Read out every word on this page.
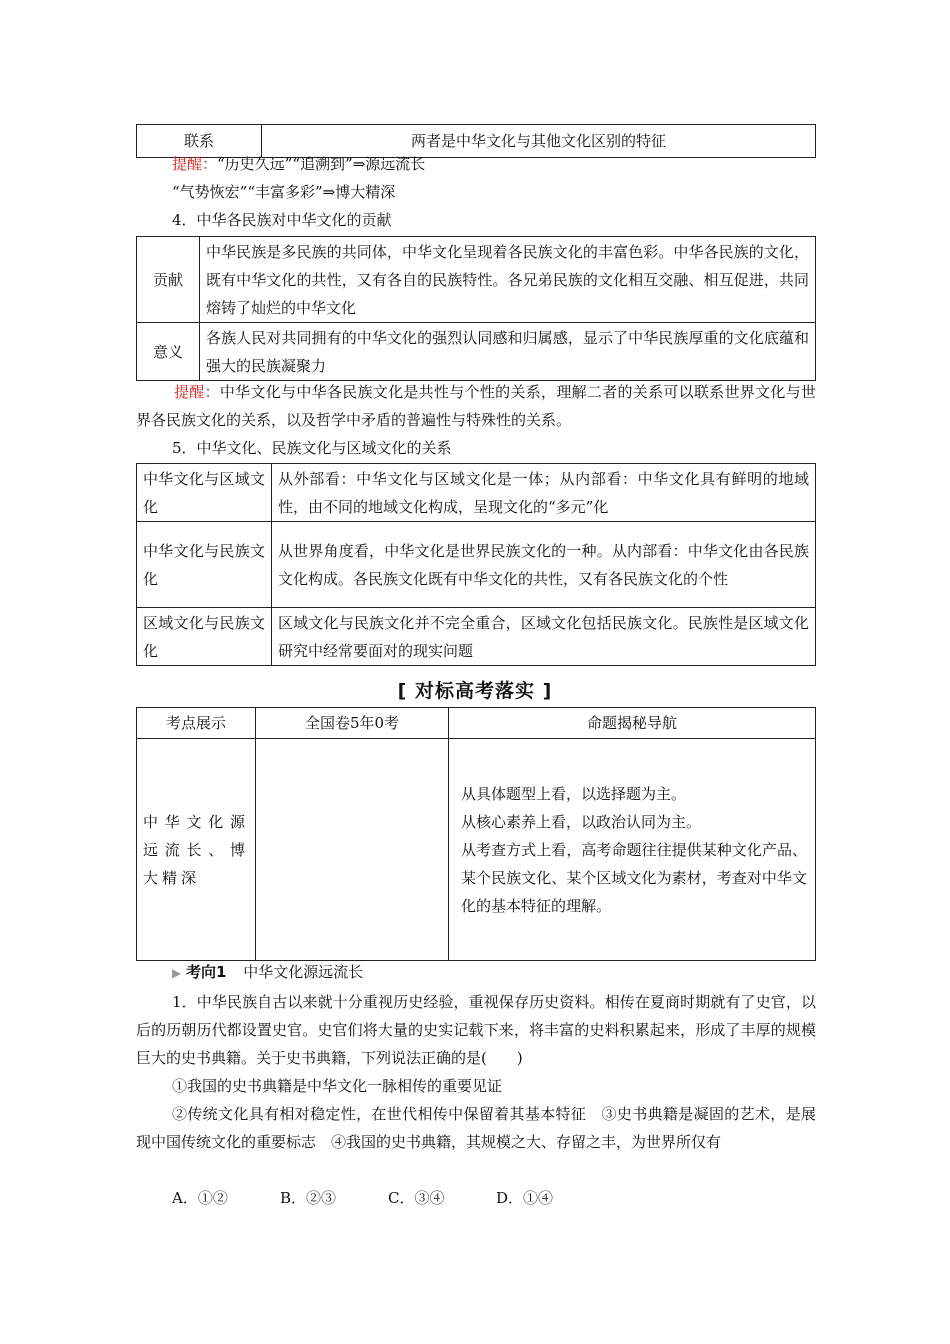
联系	两者是中华文化与其他文化区别的特征
提醒：“历史久远”“追溯到”⇒源远流长
“气势恢宏”“丰富多彩”⇒博大精深
4．中华各民族对中华文化的贡献
贡献	中华民族是多民族的共同体，中华文化呈现着各民族文化的丰富色彩。中华各民族的文化，既有中华文化的共性，又有各自的民族特性。各兄弟民族的文化相互交融、相互促进，共同熔铸了灿烂的中华文化
意义	各族人民对共同拥有的中华文化的强烈认同感和归属感，显示了中华民族厚重的文化底蕴和强大的民族凝聚力
提醒：中华文化与中华各民族文化是共性与个性的关系，理解二者的关系可以联系世界文化与世界各民族文化的关系，以及哲学中矛盾的普遍性与特殊性的关系。
5．中华文化、民族文化与区域文化的关系
中华文化与区域文化	从外部看：中华文化与区域文化是一体；从内部看：中华文化具有鲜明的地域性，由不同的地域文化构成，呈现文化的“多元”化
中华文化与民族文化	从世界角度看，中华文化是世界民族文化的一种。从内部看：中华文化由各民族文化构成。各民族文化既有中华文化的共性，又有各民族文化的个性
区域文化与民族文化	区域文化与民族文化并不完全重合，区域文化包括民族文化。民族性是区域文化研究中经常要面对的现实问题
[ 对标高考落实 ]
考点展示	全国卷5年0考	命题揭秘导航
中华文化源远流长、博大精深		从具体题型上看，以选择题为主。
从核心素养上看，以政治认同为主。
从考查方式上看，高考命题往往提供某种文化产品、某个民族文化、某个区域文化为素材，考查对中华文化的基本特征的理解。
▶ 考向1 中华文化源远流长
1．中华民族自古以来就十分重视历史经验，重视保存历史资料。相传在夏商时期就有了史官，以后的历朝历代都设置史官。史官们将大量的史实记载下来，将丰富的史料积累起来，形成了丰厚的规模巨大的史书典籍。关于史书典籍，下列说法正确的是(　　)
①我国的史书典籍是中华文化一脉相传的重要见证
②传统文化具有相对稳定性，在世代相传中保留着其基本特征　③史书典籍是凝固的艺术，是展现中国传统文化的重要标志　④我国的史书典籍，其规模之大、存留之丰，为世界所仅有
A．①②	B．②③	C．③④	D．①④
